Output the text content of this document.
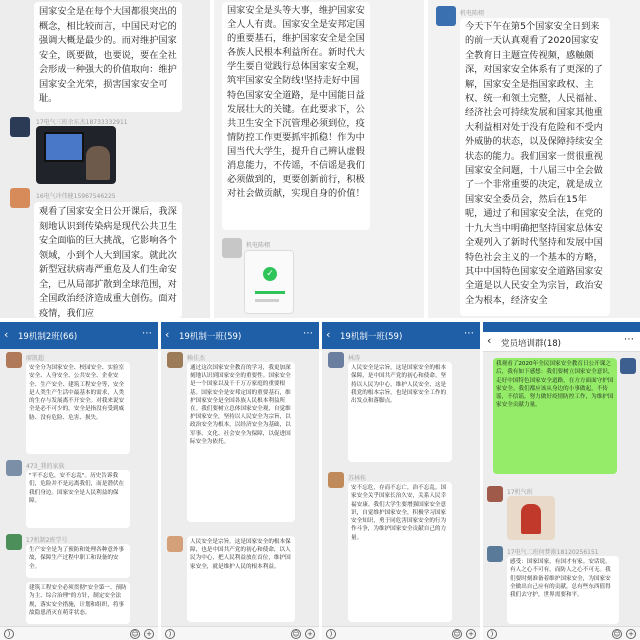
国家安全是在每个大国都很突出的概念，相比较而言，中国民对它的强调大概是最少的。而对维护国家安全，既要做，也要说，要在全社会形成一种强大的价值取向：维护国家安全光荣，损害国家安全可耻。
17电气三班余东杰18733332911
16电气冲伟健15967546225
观看了国家安全日公开课后，我深刻地认识到传染病是现代公共卫生安全面临的巨大挑战，它影响各个领域，小到个人大到国家。就此次新型冠状病毒严重危及人们生命安全，已从局部扩散到全球范围，对全国政治经济造成重大创伤。面对疫情，我们应
国家安全是头等大事，维护国家安全人人有责。国家安全是安邦定国的重要基石，维护国家安全是全国各族人民根本利益所在。新时代大学生要自觉践行总体国家安全观，筑牢国家安全防线!坚持走好中国特色国家安全道路，是中国能日益发展壮大的关键。在此要求下，公共卫生安全下沉管理必须到位，疫情防控工作更要抓牢抓稳！作为中国当代大学生，提升自己辨认虚假消息能力，不传谣，不信谣是我们必须做到的，更要创新前行，积极对社会做贡献，实现自身的价值！
机电陈栩
✓
机电陈栩
今天下午在第5个国家安全日到来的前一天认真观看了2020国家安全教育日主题宣传视频，感触颇深，对国家安全体系有了更深的了解，国家安全是指国家政权、主权、统一和领土完整，人民福祉、经济社会可持续发展和国家其他重大利益相对处于没有危险和不受内外威胁的状态，以及保障持续安全状态的能力。我们国家一贯很重视国家安全问题，十八届三中全会做了一个非常重要的决定，就是成立国家安全委员会，然后在15年呢，通过了和国家安全法，在党的十九大当中明确把坚持国家总体安全观列入了新时代坚持和发展中国特色社会主义的一个基本的方略，其中中国特色国家安全道路国家安全道是以人民安全为宗旨，政治安全为根本，经济安全
‹ 19机制2班(66)	⋯
廖凯超
安全分为国家安全、校园安全、实验室安全、人身安全、公共安全、企业安全、生产安全、建筑工程安全等，安全是人类生产生活中最基本的需求，人类的生存与发展离不开安全。对我来说安全是必不可少的，安全是指没有受到威胁、没有危险、危害、损失。
473_我的家族
"平不忘危，安不忘乱"。历史告诉我们，危险并不是远离我们，而是潜伏在我们身边。国家安全是人民利益的保障。
17机制2班学号
生产安全是为了预防和处理各种意外事故，保障生产过程中职工和设备的安全。
建筑工程安全必须贯彻"安全第一、预防为主、综合治理"的方针，制定安全法规，落实安全措施，计划和组织，将事故隐患消灭在萌芽状态。
)	☺ +
‹ 19机制一班(59)	⋯
赖佳杰
通过这次国家安全教育的学习，我更加深刻地认识到国家安全的重要性。国家安全是一个国家以及千千万万家庭的重要根基。国家安全是安邦定国的重要基石，维护国家安全是全国各族人民根本利益所在。我们要树立总体国家安全观，自觉维护国家安全，坚持以人民安全为宗旨，以政治安全为根本，以经济安全为基础，以军事、文化、社会安全为保障，以促进国际安全为依托。
人民安全是宗旨。这是国家安全的根本保障，也是中国共产党的初心和使命，以人民为中心，把人民利益放在首位，维护国家安全，就是维护人民的根本利益。
)	☺ +
‹ 19机制一班(59)	⋯
林涛
人民安全是宗旨。这是国家安全的根本保障，是中国共产党的初心和使命。坚持以人民为中心，维护人民安全，这是我党的根本宗旨，也是国家安全工作的出发点和落脚点。
苏林桂
安不忘危，存而不忘亡，治不忘乱。国家安全关乎国家长治久安，关系人民幸福安康。我们大学生要增强国家安全意识，自觉维护国家安全，积极学习国家安全知识，勇于同危害国家安全的行为作斗争，为维护国家安全贡献自己的力量。
)	☺ +
‹ 党员培训群(18)	⋯
我观看了2020年全民国家安全教育日公开课之后，我有如下感想：我们要树立国家安全意识，走好中国特色国家安全道路，在方方面面守护国家安全。我们都应该从身边的小事做起，不传谣，不信谣，努力做好疫情防控工作，为维护国家安全贡献力量。
17机气班
17电气二班何梦渐18120256151
感受：国家国家，有国才有家。安话说，有人之心不可有，而防人之心不可无。我们要时刻准备着维护国家安全，为国家安全做出自己应有的贡献，总有些东西值得我们去守护，世界需要和平。
)	☺ +
